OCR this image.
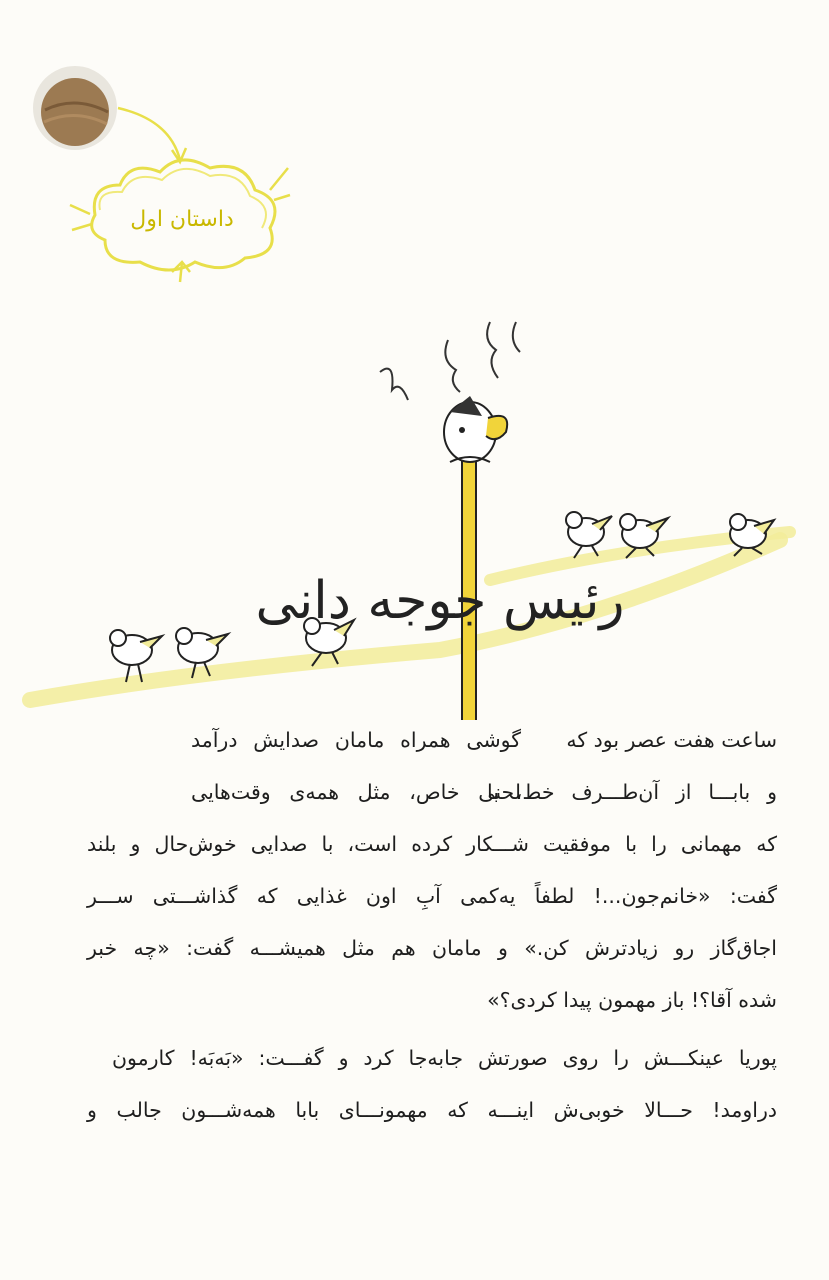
داستان اول
رئیس جوجه دانی
ساعت هفت عصر بود که
گوشی همراه مامان صدایش درآمد
و بابـــا از آن‌طـــرف خط، با
لحنی خاص، مثل همه‌ی وقت‌هایی
که مهمانی را با موفقیت شـــکار کرده است، با صدایی خوش‌حال و بلند
گفت: «خانم‌جون...! لطفاً یه‌کمی آبِ اون غذایی که گذاشـــتی ســـر
اجاق‌گاز رو زیادترش کن.» و مامان هم مثل همیشـــه گفت: «چه خبر
شده آقا؟! باز مهمون پیدا کردی؟»
پوریا عینکـــش را روی صورتش جابه‌جا کرد و گفـــت: «بَه‌بَه! کارمون
دراومد! حـــالا خوبی‌ش اینـــه که مهمونـــای بابا همه‌شـــون جالب و
